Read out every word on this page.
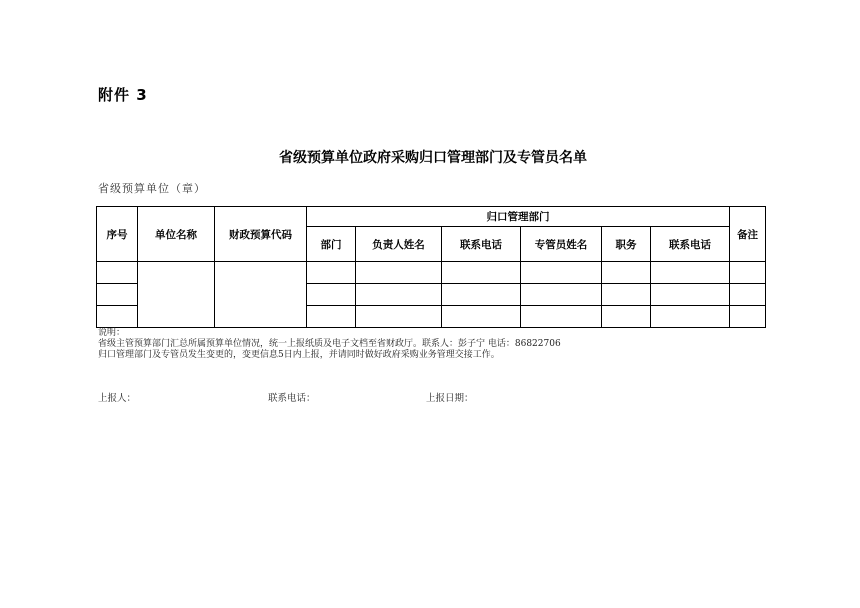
附件 3
省级预算单位政府采购归口管理部门及专管员名单
省级预算单位（章）
序号	单位名称	财政预算代码	归口管理部门						备注
			部门	负责人姓名	联系电话	专管员姓名	职务	联系电话	

说明：
省级主管预算部门汇总所属预算单位情况，统一上报纸质及电子文档至省财政厅。联系人：彭子宁 电话：86822706
归口管理部门及专管员发生变更的，变更信息5日内上报，并请同时做好政府采购业务管理交接工作。
上报人：	联系电话：	上报日期：
